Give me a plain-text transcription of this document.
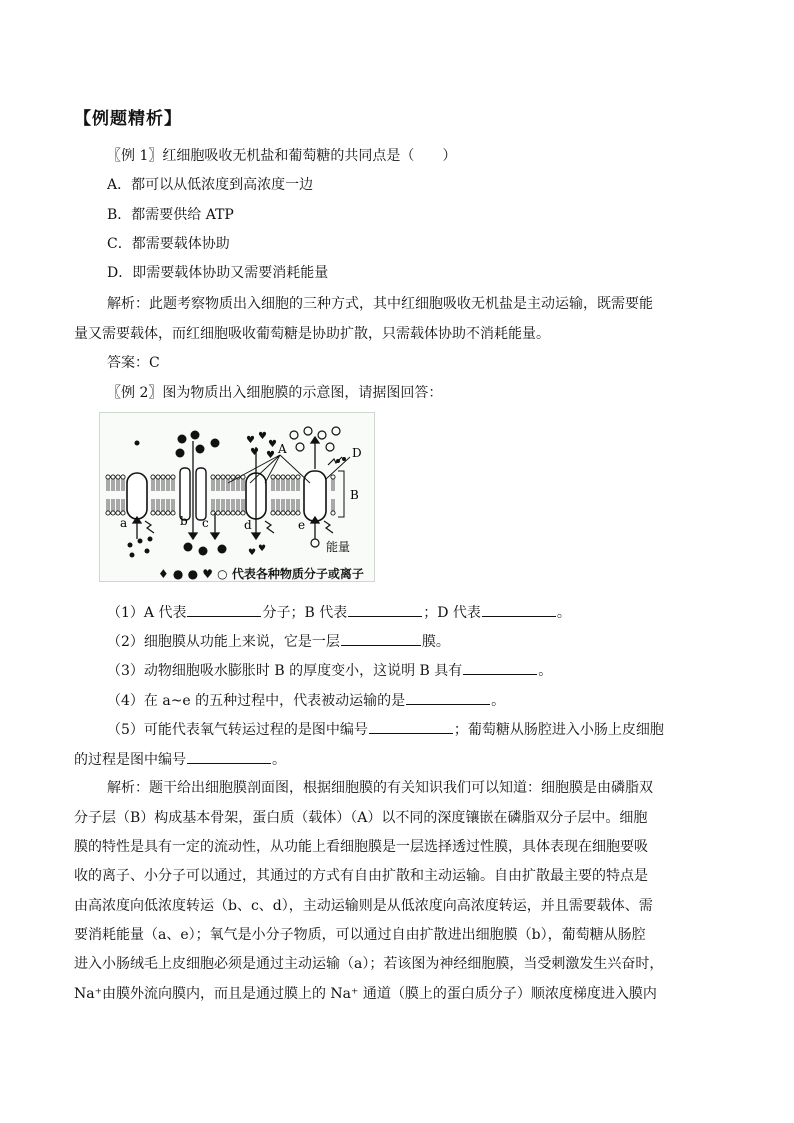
【例题精析】
〖例 1〗红细胞吸收无机盐和葡萄糖的共同点是（　　）
A．都可以从低浓度到高浓度一边
B．都需要供给 ATP
C．都需要载体协助
D．即需要载体协助又需要消耗能量
解析：此题考察物质出入细胞的三种方式，其中红细胞吸收无机盐是主动运输，既需要能
量又需要载体，而红细胞吸收葡萄糖是协助扩散，只需载体协助不消耗能量。
答案：C
〖例 2〗图为物质出入细胞膜的示意图，请据图回答：
♥ ♥
♥
♥ ♥
♥ ♥
A
B
D
a	b c	d	e
能量
♦ ● ● ♥ ○ 代表各种物质分子或离子
（1）A 代表	分子；B 代表	；D 代表	。
（2）细胞膜从功能上来说，它是一层	膜。
（3）动物细胞吸水膨胀时 B 的厚度变小，这说明 B 具有	。
（4）在 a~e 的五种过程中，代表被动运输的是	。
（5）可能代表氧气转运过程的是图中编号	；葡萄糖从肠腔进入小肠上皮细胞
的过程是图中编号	。
解析：题干给出细胞膜剖面图，根据细胞膜的有关知识我们可以知道：细胞膜是由磷脂双
分子层（B）构成基本骨架，蛋白质（载体）（A）以不同的深度镶嵌在磷脂双分子层中。细胞
膜的特性是具有一定的流动性，从功能上看细胞膜是一层选择透过性膜，具体表现在细胞要吸
收的离子、小分子可以通过，其通过的方式有自由扩散和主动运输。自由扩散最主要的特点是
由高浓度向低浓度转运（b、c、d），主动运输则是从低浓度向高浓度转运，并且需要载体、需
要消耗能量（a、e）；氧气是小分子物质，可以通过自由扩散进出细胞膜（b），葡萄糖从肠腔
进入小肠绒毛上皮细胞必须是通过主动运输（a）；若该图为神经细胞膜，当受刺激发生兴奋时，
Na⁺由膜外流向膜内，而且是通过膜上的 Na⁺ 通道（膜上的蛋白质分子）顺浓度梯度进入膜内
